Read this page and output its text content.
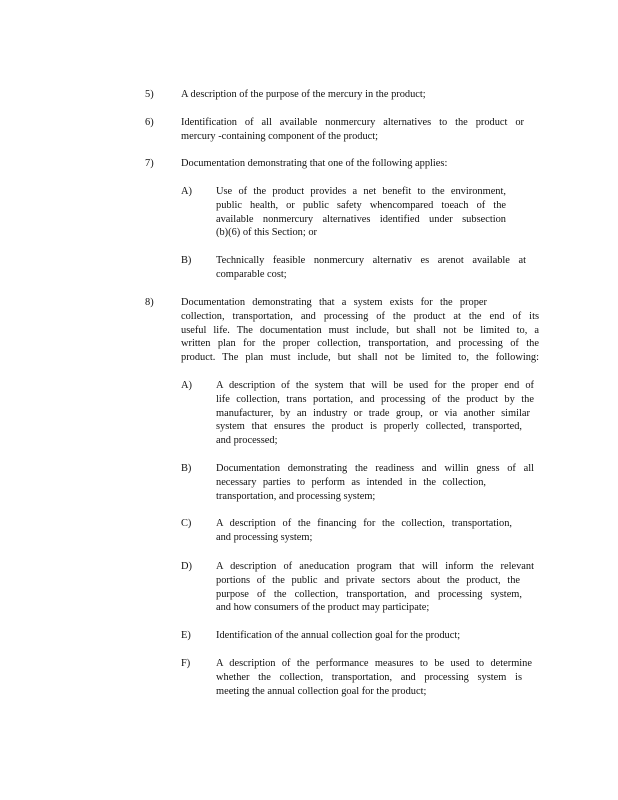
5)	A description of the purpose of the mercury in the product;
6)	Identification of all available nonmercury alternatives to the product or
mercury -containing component of the product;
7)	Documentation demonstrating that one of the following applies:
A) Use of the product provides a net benefit to the environment,
public health, or public safety whencompared toeach of the
available nonmercury alternatives identified under subsection
(b)(6) of this Section; or
B) Technically feasible nonmercury alternativ es arenot available at
comparable cost;
8)	Documentation demonstrating that a system exists for the proper
collection, transportation, and processing of the product at the end of its
useful life. The documentation must include, but shall not be limited to, a
written plan for the proper collection, transportation, and processing of the
product. The plan must include, but shall not be limited to, the following:
A) A description of the system that will be used for the proper end of
life collection, trans portation, and processing of the product by the
manufacturer, by an industry or trade group, or via another similar
system that ensures the product is properly collected, transported,
and processed;
B) Documentation demonstrating the readiness and willin gness of all
necessary parties to perform as intended in the collection,
transportation, and processing system;
C) A description of the financing for the collection, transportation,
and processing system;
D) A description of aneducation program that will inform the relevant
portions of the public and private sectors about the product, the
purpose of the collection, transportation, and processing system,
and how consumers of the product may participate;
E) Identification of the annual collection goal for the product;
F) A description of the performance measures to be used to determine
whether the collection, transportation, and processing system is
meeting the annual collection goal for the product;
